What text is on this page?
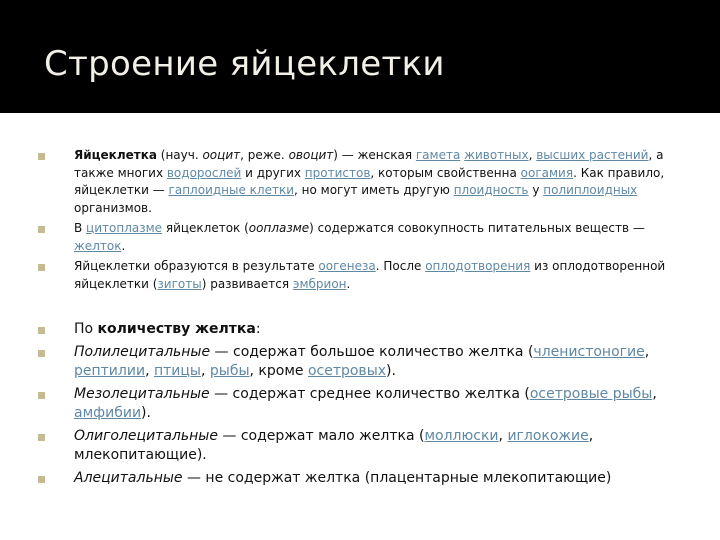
Строение яйцеклетки
Яйцеклетка (науч. ооцит, реже. овоцит) — женская гамета животных, высших растений, а также многих водорослей и других протистов, которым свойственна оогамия. Как правило, яйцеклетки — гаплоидные клетки, но могут иметь другую плоидность у полиплоидных организмов.
В цитоплазме яйцеклеток (ооплазме) содержатся совокупность питательных веществ — желток.
Яйцеклетки образуются в результате оогенеза. После оплодотворения из оплодотворенной яйцеклетки (зиготы) развивается эмбрион.
По количеству желтка:
Полилецитальные — содержат большое количество желтка (членистоногие, рептилии, птицы, рыбы, кроме осетровых).
Мезолецитальные — содержат среднее количество желтка (осетровые рыбы, амфибии).
Олиголецитальные — содержат мало желтка (моллюски, иглокожие, млекопитающие).
Алецитальные — не содержат желтка (плацентарные млекопитающие)
